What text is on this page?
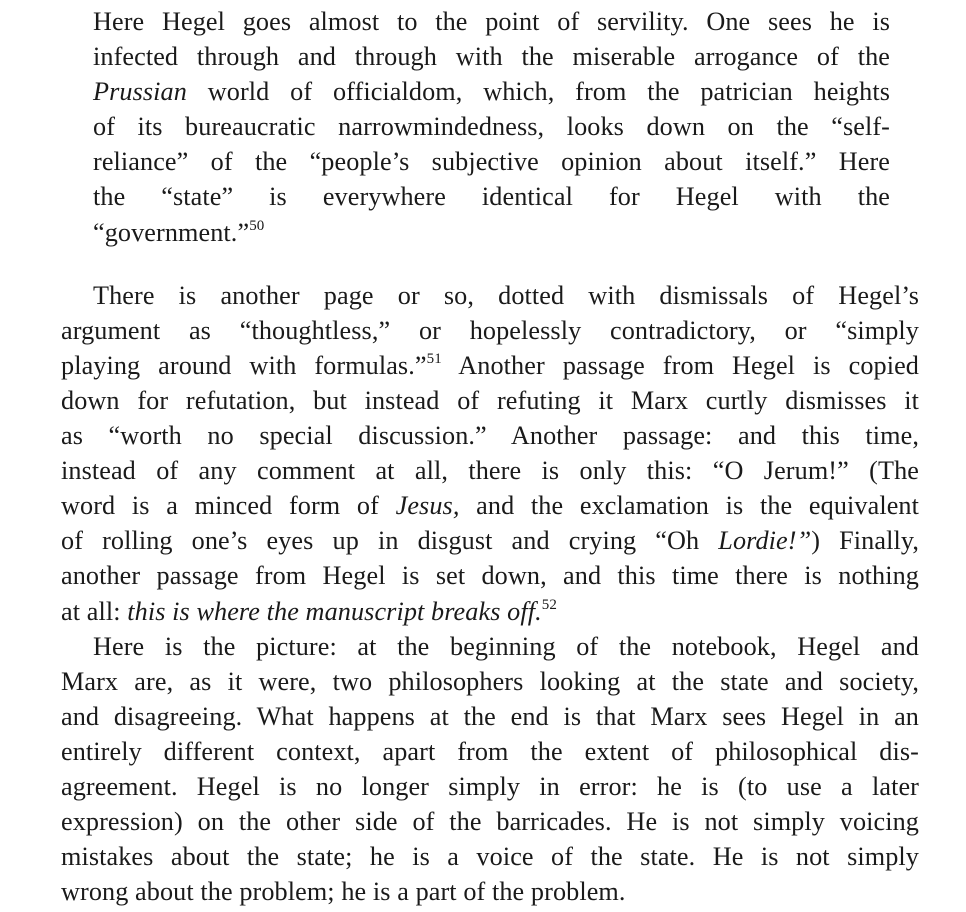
Here Hegel goes almost to the point of servility. One sees he is
infected through and through with the miserable arrogance of the
Prussian world of officialdom, which, from the patrician heights
of its bureaucratic narrowmindedness, looks down on the “self-
reliance” of the “people’s subjective opinion about itself.” Here
the “state” is everywhere identical for Hegel with the
“government.”$^{50}$
There is another page or so, dotted with dismissals of Hegel’s
argument as “thoughtless,” or hopelessly contradictory, or “simply
playing around with formulas.”$^{51}$ Another passage from Hegel is copied
down for refutation, but instead of refuting it Marx curtly dismisses it
as “worth no special discussion.” Another passage: and this time,
instead of any comment at all, there is only this: “O Jerum!” (The
word is a minced form of Jesus, and the exclamation is the equivalent
of rolling one’s eyes up in disgust and crying “Oh Lordie!”) Finally,
another passage from Hegel is set down, and this time there is nothing
at all: this is where the manuscript breaks off.$^{52}$
Here is the picture: at the beginning of the notebook, Hegel and
Marx are, as it were, two philosophers looking at the state and society,
and disagreeing. What happens at the end is that Marx sees Hegel in an
entirely different context, apart from the extent of philosophical dis-
agreement. Hegel is no longer simply in error: he is (to use a later
expression) on the other side of the barricades. He is not simply voicing
mistakes about the state; he is a voice of the state. He is not simply
wrong about the problem; he is a part of the problem.
